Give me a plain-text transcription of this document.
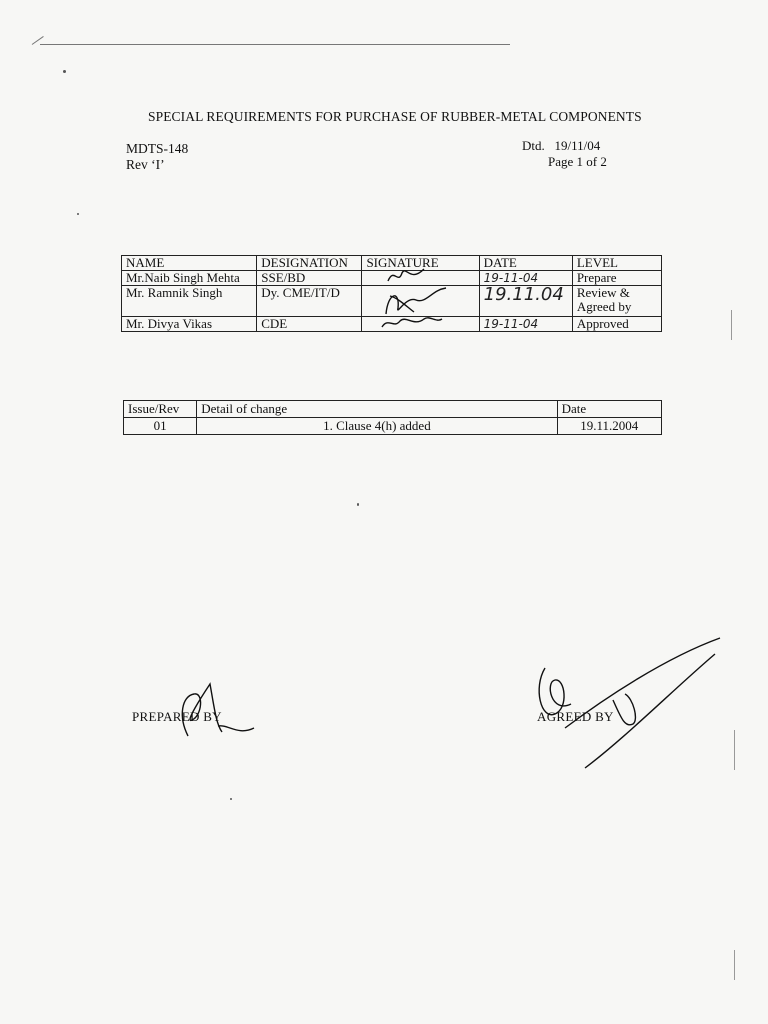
SPECIAL REQUIREMENTS FOR PURCHASE OF RUBBER-METAL COMPONENTS
MDTS-148
Rev ‘I’
Dtd.   19/11/04
Page 1 of 2
NAME	DESIGNATION	SIGNATURE	DATE	LEVEL
Mr.Naib Singh Mehta	SSE/BD		19-11-04	Prepare
Mr. Ramnik Singh	Dy. CME/IT/D		19.11.04	Review & Agreed by
Mr. Divya Vikas	CDE		19-11-04	Approved
Issue/Rev	Detail of change	Date
01	1. Clause 4(h) added	19.11.2004
PREPARED BY	AGREED BY
